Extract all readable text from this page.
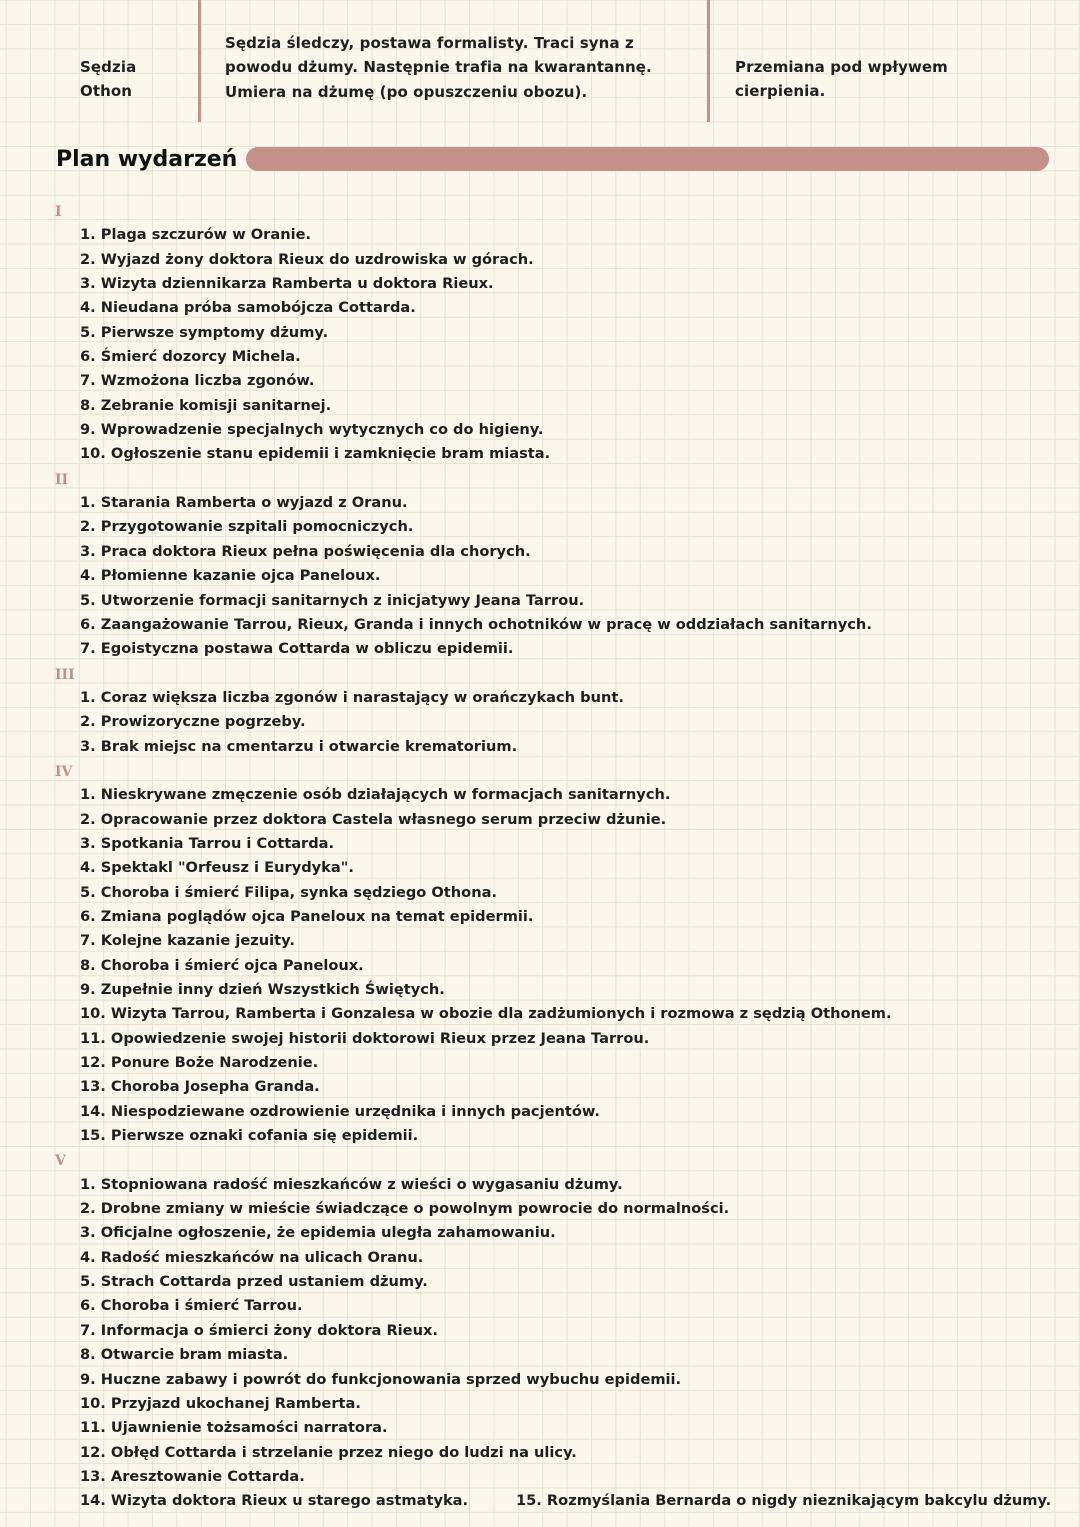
Sędzia Othon
Sędzia śledczy, postawa formalisty. Traci syna z powodu dżumy. Następnie trafia na kwarantannę. Umiera na dżumę (po opuszczeniu obozu).
Przemiana pod wpływem cierpienia.
Plan wydarzeń
I
1. Plaga szczurów w Oranie.
2. Wyjazd żony doktora Rieux do uzdrowiska w górach.
3. Wizyta dziennikarza Ramberta u doktora Rieux.
4. Nieudana próba samobójcza Cottarda.
5. Pierwsze symptomy dżumy.
6. Śmierć dozorcy Michela.
7. Wzmożona liczba zgonów.
8. Zebranie komisji sanitarnej.
9. Wprowadzenie specjalnych wytycznych co do higieny.
10. Ogłoszenie stanu epidemii i zamknięcie bram miasta.
II
1. Starania Ramberta o wyjazd z Oranu.
2. Przygotowanie szpitali pomocniczych.
3. Praca doktora Rieux pełna poświęcenia dla chorych.
4. Płomienne kazanie ojca Paneloux.
5. Utworzenie formacji sanitarnych z inicjatywy Jeana Tarrou.
6. Zaangażowanie Tarrou, Rieux, Granda i innych ochotników w pracę w oddziałach sanitarnych.
7. Egoistyczna postawa Cottarda w obliczu epidemii.
III
1. Coraz większa liczba zgonów i narastający w orańczykach bunt.
2. Prowizoryczne pogrzeby.
3. Brak miejsc na cmentarzu i otwarcie krematorium.
IV
1. Nieskrywane zmęczenie osób działających w formacjach sanitarnych.
2. Opracowanie przez doktora Castela własnego serum przeciw dżunie.
3. Spotkania Tarrou i Cottarda.
4. Spektakl "Orfeusz i Eurydyka".
5. Choroba i śmierć Filipa, synka sędziego Othona.
6. Zmiana poglądów ojca Paneloux na temat epidermii.
7. Kolejne kazanie jezuity.
8. Choroba i śmierć ojca Paneloux.
9. Zupełnie inny dzień Wszystkich Świętych.
10. Wizyta Tarrou, Ramberta i Gonzalesa w obozie dla zadżumionych i rozmowa z sędzią Othonem.
11. Opowiedzenie swojej historii doktorowi Rieux przez Jeana Tarrou.
12. Ponure Boże Narodzenie.
13. Choroba Josepha Granda.
14. Niespodziewane ozdrowienie urzędnika i innych pacjentów.
15. Pierwsze oznaki cofania się epidemii.
V
1. Stopniowana radość mieszkańców z wieści o wygasaniu dżumy.
2. Drobne zmiany w mieście świadczące o powolnym powrocie do normalności.
3. Oficjalne ogłoszenie, że epidemia uległa zahamowaniu.
4. Radość mieszkańców na ulicach Oranu.
5. Strach Cottarda przed ustaniem dżumy.
6. Choroba i śmierć Tarrou.
7. Informacja o śmierci żony doktora Rieux.
8. Otwarcie bram miasta.
9. Huczne zabawy i powrót do funkcjonowania sprzed wybuchu epidemii.
10. Przyjazd ukochanej Ramberta.
11. Ujawnienie tożsamości narratora.
12. Obłęd Cottarda i strzelanie przez niego do ludzi na ulicy.
13. Aresztowanie Cottarda.
14. Wizyta doktora Rieux u starego astmatyka.	15. Rozmyślania Bernarda o nigdy nieznikającym bakcylu dżumy.
